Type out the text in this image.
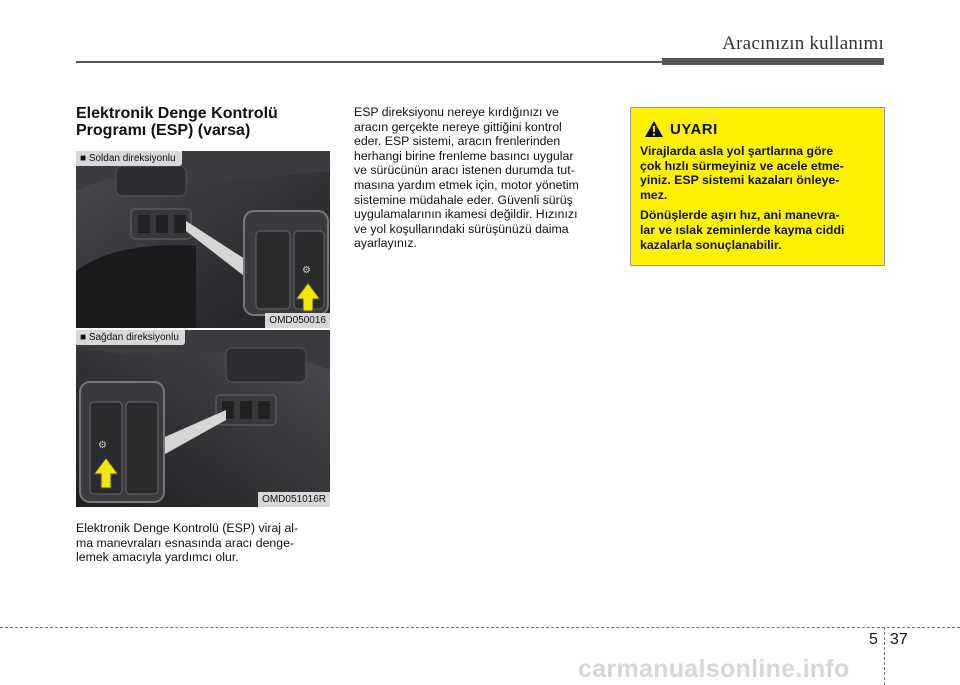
Aracınızın kullanımı
Elektronik Denge Kontrolü
Programı (ESP) (varsa)
⚙
■ Soldan direksiyonlu
OMD050016
⚙
■ Sağdan direksiyonlu
OMD051016R
Elektronik Denge Kontrolü (ESP) viraj al-
ma manevraları esnasında aracı denge-
lemek amacıyla yardımcı olur.
ESP direksiyonu nereye kırdığınızı ve
aracın gerçekte nereye gittiğini kontrol
eder. ESP sistemi, aracın frenlerinden
herhangi birine frenleme basıncı uygular
ve sürücünün aracı istenen durumda tut-
masına yardım etmek için, motor yönetim
sistemine müdahale eder. Güvenli sürüş
uygulamalarının ikamesi değildir. Hızınızı
ve yol koşullarındaki sürüşünüzü daima
ayarlayınız.
UYARI
Virajlarda asla yol şartlarına göre
çok hızlı sürmeyiniz ve acele etme-
yiniz. ESP sistemi kazaları önleye-
mez.
Dönüşlerde aşırı hız, ani manevra-
lar ve ıslak zeminlerde kayma ciddi
kazalarla sonuçlanabilir.
5 37
carmanualsonline.info
